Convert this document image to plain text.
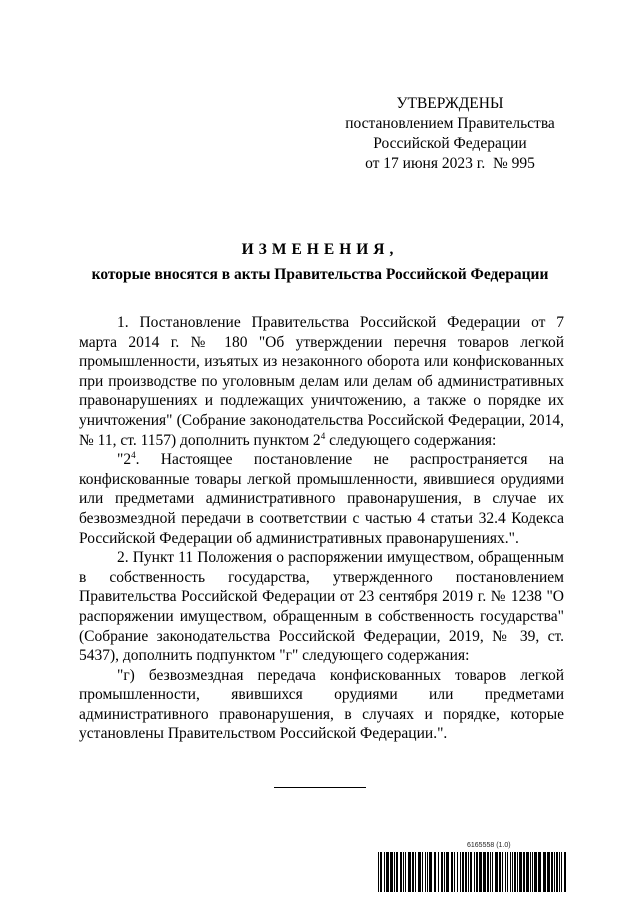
УТВЕРЖДЕНЫ
постановлением Правительства
Российской Федерации
от 17 июня 2023 г.  № 995
ИЗМЕНЕНИЯ,
которые вносятся в акты Правительства Российской Федерации

1. Постановление Правительства Российской Федерации от 7 марта 2014 г. № 180 "Об утверждении перечня товаров легкой промышленности, изъятых из незаконного оборота или конфискованных при производстве по уголовным делам или делам об административных правонарушениях и подлежащих уничтожению, а также о порядке их уничтожения" (Собрание законодательства Российской Федерации, 2014, № 11, ст. 1157) дополнить пунктом $2^4$ следующего содержания:

"$2^4$. Настоящее постановление не распространяется на конфискованные товары легкой промышленности, явившиеся орудиями или предметами административного правонарушения, в случае их безвозмездной передачи в соответствии с частью 4 статьи 32.4 Кодекса Российской Федерации об административных правонарушениях.".

2. Пункт 11 Положения о распоряжении имуществом, обращенным в собственность государства, утвержденного постановлением Правительства Российской Федерации от 23 сентября 2019 г. № 1238 "О распоряжении имуществом, обращенным в собственность государства" (Собрание законодательства Российской Федерации, 2019, № 39, ст. 5437), дополнить подпунктом "г" следующего содержания:

"г) безвозмездная передача конфискованных товаров легкой промышленности, явившихся орудиями или предметами административного правонарушения, в случаях и порядке, которые установлены Правительством Российской Федерации.".

6165558 (1.0)
